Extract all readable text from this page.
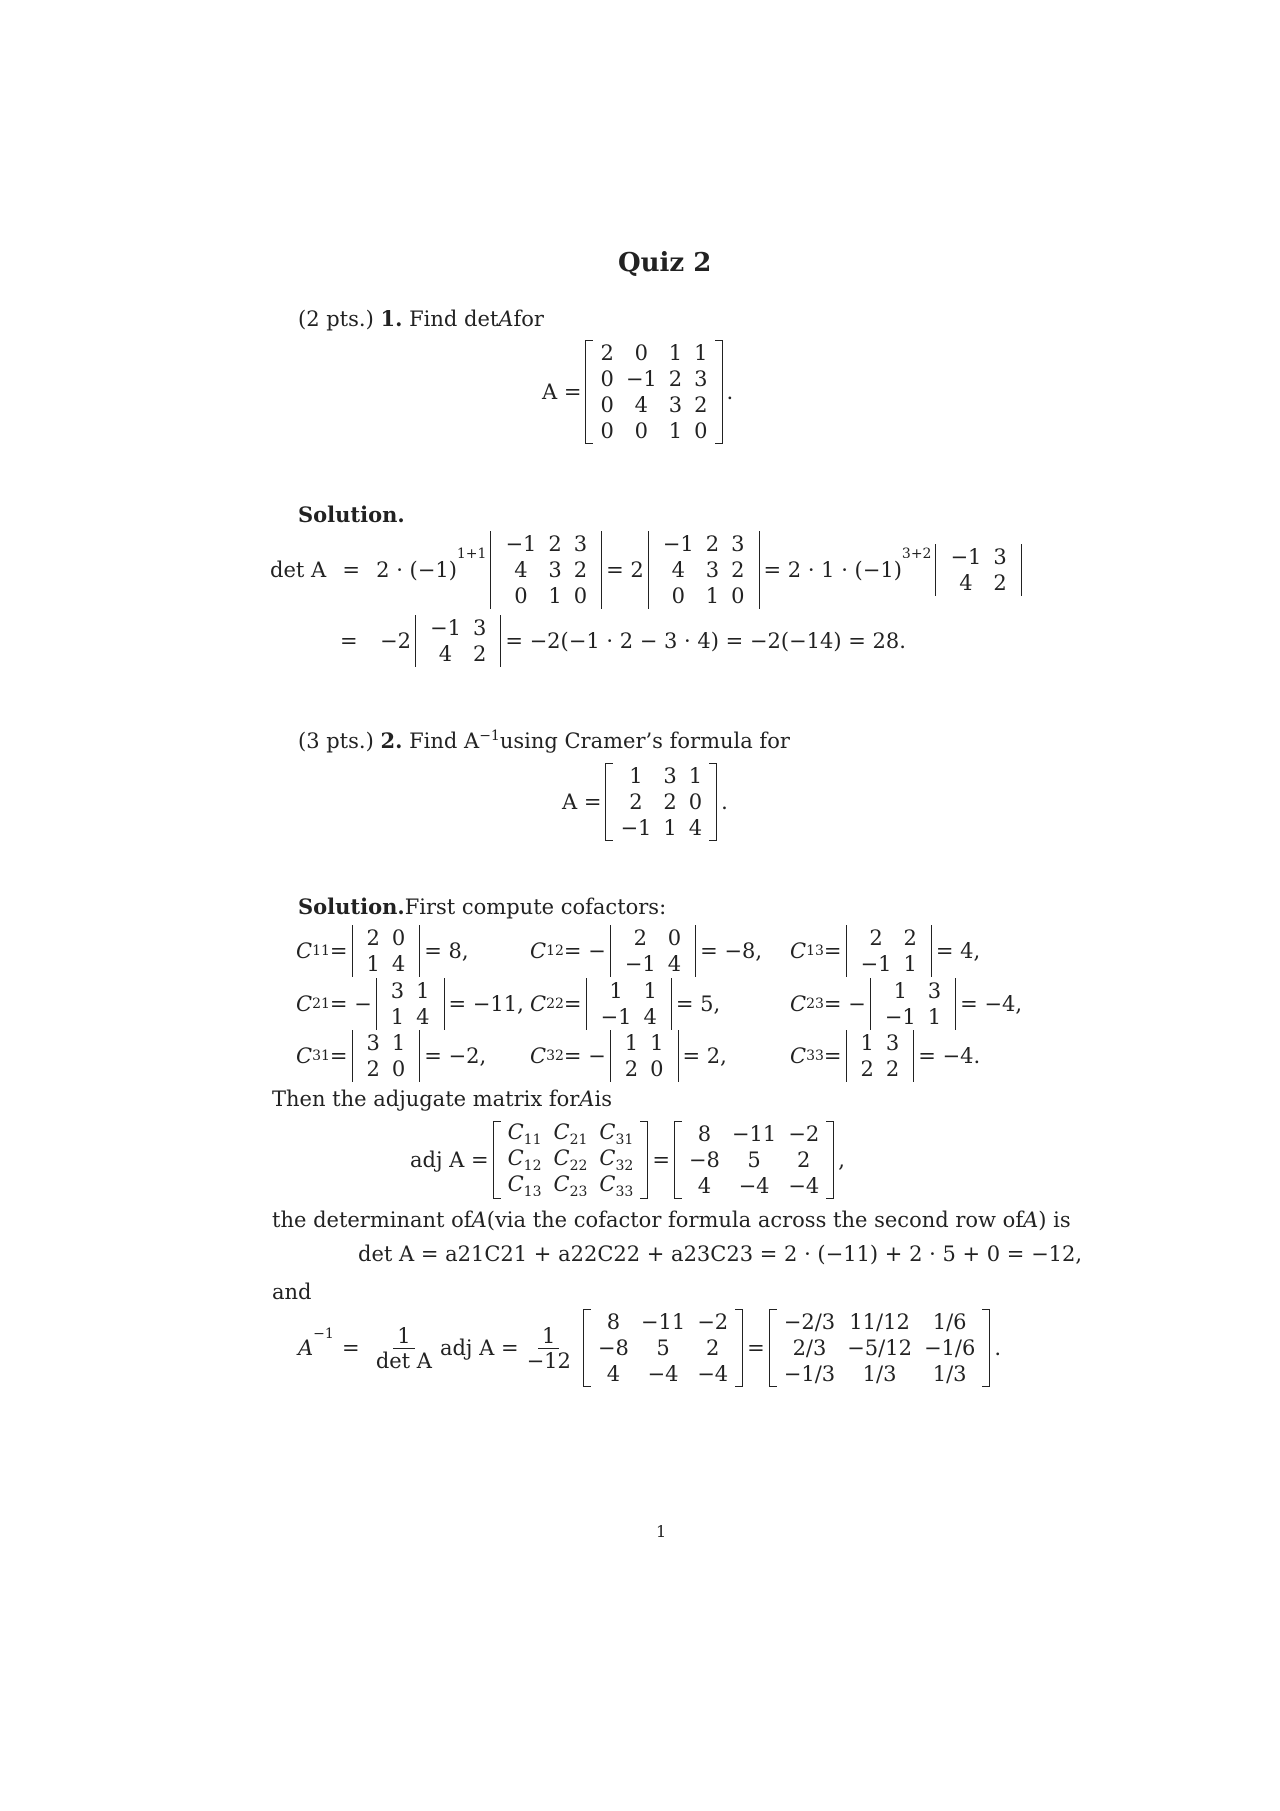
Quiz 2
(2 pts.)
1.
Find det A for
A =
2 0 1 1
0 −1 2 3
0 4 3 2
0 0 1 0
.
Solution.
det A = 2 · (−1)
$^{1+1}$ −1 2 3
4 3 2
0 1 0
= 2
−1 2 3
4 3 2
0 1 0
= 2 · 1 · (−1)
$^{3+2}$ −1 3
4 2
=	−2
−1 3
4 2
= −2(−1 · 2 − 3 · 4) = −2(−14) = 28.
(3 pts.)
2.
Find $A^{-1}$ using Cramer’s formula for
A =
1 3 1
2 2 0
−1 1 4
.
Solution. First compute cofactors:
C 11 =
2 0
1 4
= 8,	C 12 = −
2 0
−1 4
= −8, C 13 =
2 2
−1 1
= 4,
C 21 = −
3 1
1 4
= −11, C 22 =
1 1
−1 4
= 5,	C 23 = −
1 3
−1 1
= −4,
C 31 =
3 1
2 0
= −2, C 32 = −
1 1
2 0
= 2,	C 33 =
1 3
2 2
= −4.
Then the adjugate matrix for A is
adj A =
$C_{11}$ $C_{21}$ $C_{31}$
$C_{12}$ $C_{22}$ $C_{32}$
$C_{13}$ $C_{23}$ $C_{33}$
=
8 −11 −2
−8 5 2
4 −4 −4
,
the determinant of A (via the cofactor formula across the second row of A ) is
det A = a21C21 + a22C22 + a23C23 = 2 · (−11) + 2 · 5 + 0 = −12,
and
A
$^{-1}$
= $\frac{1}{\text{det A}}$ adj $A = \frac{1}{-12}$
8 −11 −2
−8 5 2
4 −4 −4
=
−2/3 11/12 1/6
2/3 −5/12 −1/6
−1/3 1/3 1/3
.
1
